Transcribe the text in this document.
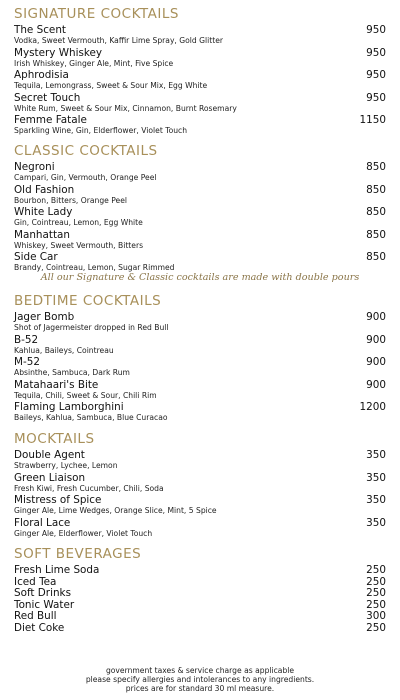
SIGNATURE COCKTAILS
The Scent
Vodka, Sweet Vermouth, Kaffir Lime Spray, Gold Glitter
950
Mystery Whiskey
Irish Whiskey, Ginger Ale, Mint, Five Spice
950
Aphrodisia
Tequila, Lemongrass, Sweet & Sour Mix, Egg White
950
Secret Touch
White Rum, Sweet & Sour Mix, Cinnamon, Burnt Rosemary
950
Femme Fatale
Sparkling Wine, Gin, Elderflower, Violet Touch
1150
CLASSIC COCKTAILS
Negroni
Campari, Gin, Vermouth, Orange Peel
850
Old Fashion
Bourbon, Bitters, Orange Peel
850
White Lady
Gin, Cointreau, Lemon, Egg White
850
Manhattan
Whiskey, Sweet Vermouth, Bitters
850
Side Car
Brandy, Cointreau, Lemon, Sugar Rimmed
850
All our Signature & Classic cocktails are made with double pours
BEDTIME COCKTAILS
Jager Bomb
Shot of Jagermeister dropped in Red Bull
900
B-52
Kahlua, Baileys, Cointreau
900
M-52
Absinthe, Sambuca, Dark Rum
900
Matahaari's Bite
Tequila, Chili, Sweet & Sour, Chili Rim
900
Flaming Lamborghini
Baileys, Kahlua, Sambuca, Blue Curacao
1200
MOCKTAILS
Double Agent
Strawberry, Lychee, Lemon
350
Green Liaison
Fresh Kiwi, Fresh Cucumber, Chili, Soda
350
Mistress of Spice
Ginger Ale, Lime Wedges, Orange Slice, Mint, 5 Spice
350
Floral Lace
Ginger Ale, Elderflower, Violet Touch
350
SOFT BEVERAGES
Fresh Lime Soda	250
Iced Tea	250
Soft Drinks	250
Tonic Water	250
Red Bull	300
Diet Coke	250
government taxes & service charge as applicable
please specify allergies and intolerances to any ingredients.
prices are for standard 30 ml measure.
